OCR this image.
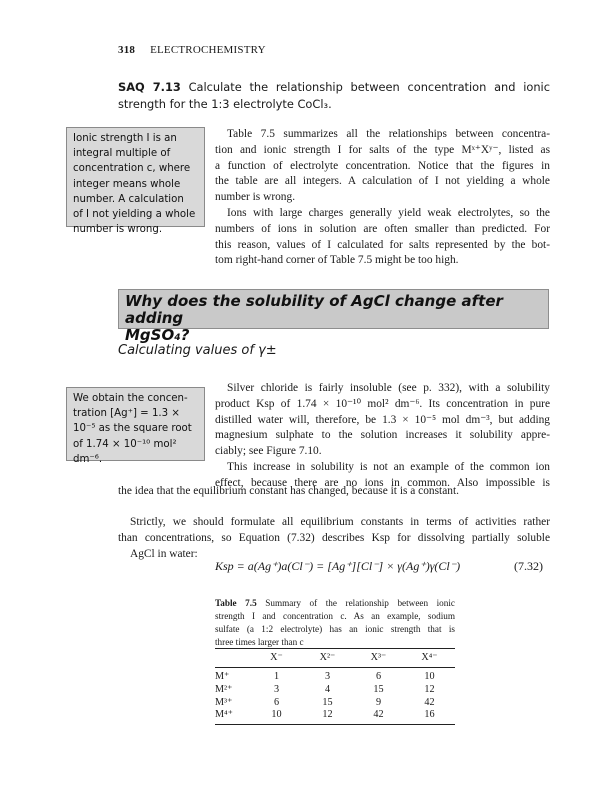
318 ELECTROCHEMISTRY
SAQ 7.13 Calculate the relationship between concentration and ionic
strength for the 1:3 electrolyte CoCl₃.
Ionic strength I is an
integral multiple of
concentration c, where
integer means whole
number. A calculation
of I not yielding a whole
number is wrong.
Table 7.5 summarizes all the relationships between concentra-
tion and ionic strength I for salts of the type Mˣ⁺Xʸ⁻, listed as
a function of electrolyte concentration. Notice that the figures in
the table are all integers. A calculation of I not yielding a whole
number is wrong.
Ions with large charges generally yield weak electrolytes, so the
numbers of ions in solution are often smaller than predicted. For
this reason, values of I calculated for salts represented by the bot-
tom right-hand corner of Table 7.5 might be too high.
Why does the solubility of AgCl change after adding
MgSO₄?
Calculating values of γ±
We obtain the concen-
tration [Ag⁺] = 1.3 ×
10⁻⁵ as the square root
of 1.74 × 10⁻¹⁰ mol²
dm⁻⁶.
Silver chloride is fairly insoluble (see p. 332), with a solubility
product Ksp of 1.74 × 10⁻¹⁰ mol² dm⁻⁶. Its concentration in pure
distilled water will, therefore, be 1.3 × 10⁻⁵ mol dm⁻³, but adding
magnesium sulphate to the solution increases it solubility appre-
ciably; see Figure 7.10.
This increase in solubility is not an example of the common ion
effect, because there are no ions in common. Also impossible is
the idea that the equilibrium constant has changed, because it is a constant.
Strictly, we should formulate all equilibrium constants in terms of activities rather
than concentrations, so Equation (7.32) describes Ksp for dissolving partially soluble
AgCl in water:
Ksp = a(Ag⁺)a(Cl⁻) = [Ag⁺][Cl⁻] × γ(Ag⁺)γ(Cl⁻)	(7.32)
Table 7.5 Summary of the relationship between ionic
strength I and concentration c. As an example, sodium
sulfate (a 1:2 electrolyte) has an ionic strength that is
three times larger than c
X⁻	X²⁻	X³⁻	X⁴⁻
M⁺	1	3	6	10
M²⁺	3	4	15	12
M³⁺	6	15	9	42
M⁴⁺	10	12	42	16
